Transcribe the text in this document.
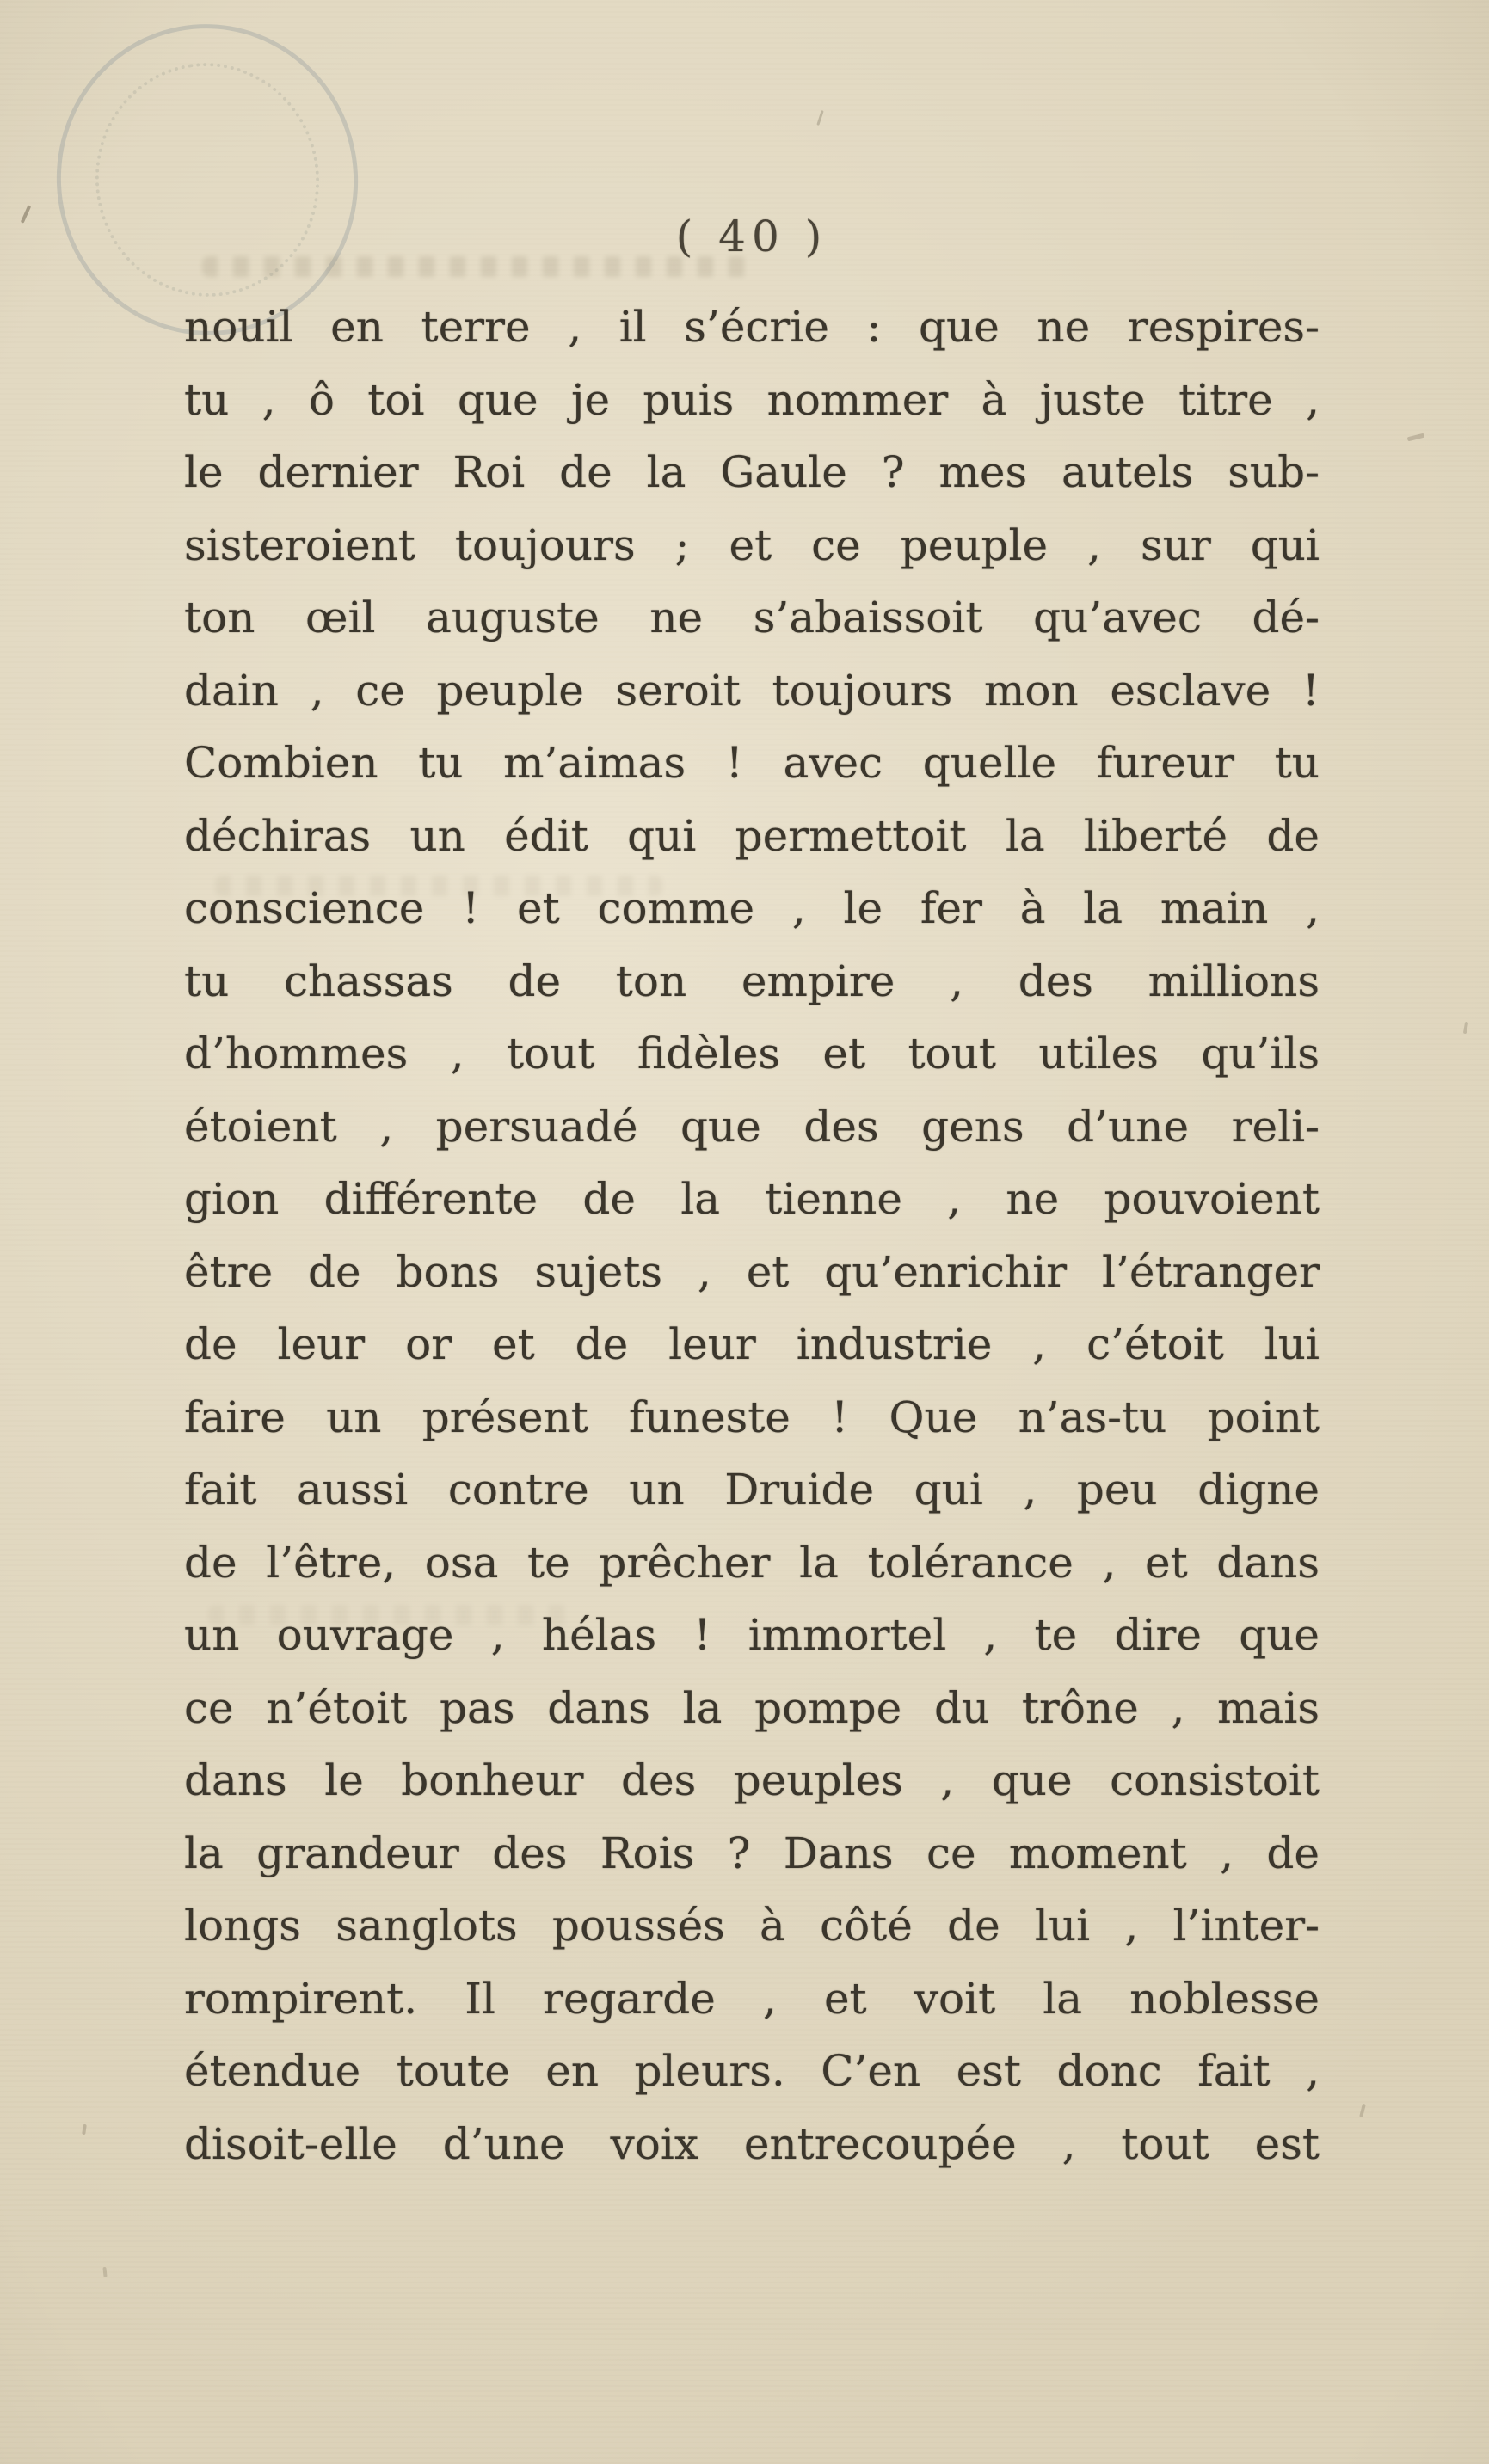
( 40 )
nouil en terre , il s’écrie : que ne respires-
tu , ô toi que je puis nommer à juste titre ,
le dernier Roi de la Gaule ? mes autels sub-
sisteroient toujours ; et ce peuple , sur qui
ton œil auguste ne s’abaissoit qu’avec dé-
dain , ce peuple seroit toujours mon esclave !
Combien tu m’aimas ! avec quelle fureur tu
déchiras un édit qui permettoit la liberté de
conscience ! et comme , le fer à la main ,
tu chassas de ton empire , des millions
d’hommes , tout fidèles et tout utiles qu’ils
étoient , persuadé que des gens d’une reli-
gion différente de la tienne , ne pouvoient
être de bons sujets , et qu’enrichir l’étranger
de leur or et de leur industrie , c’étoit lui
faire un présent funeste ! Que n’as-tu point
fait aussi contre un Druide qui , peu digne
de l’être, osa te prêcher la tolérance , et dans
un ouvrage , hélas ! immortel , te dire que
ce n’étoit pas dans la pompe du trône , mais
dans le bonheur des peuples , que consistoit
la grandeur des Rois ? Dans ce moment , de
longs sanglots poussés à côté de lui , l’inter-
rompirent. Il regarde , et voit la noblesse
étendue toute en pleurs. C’en est donc fait ,
disoit-elle d’une voix entrecoupée , tout est
